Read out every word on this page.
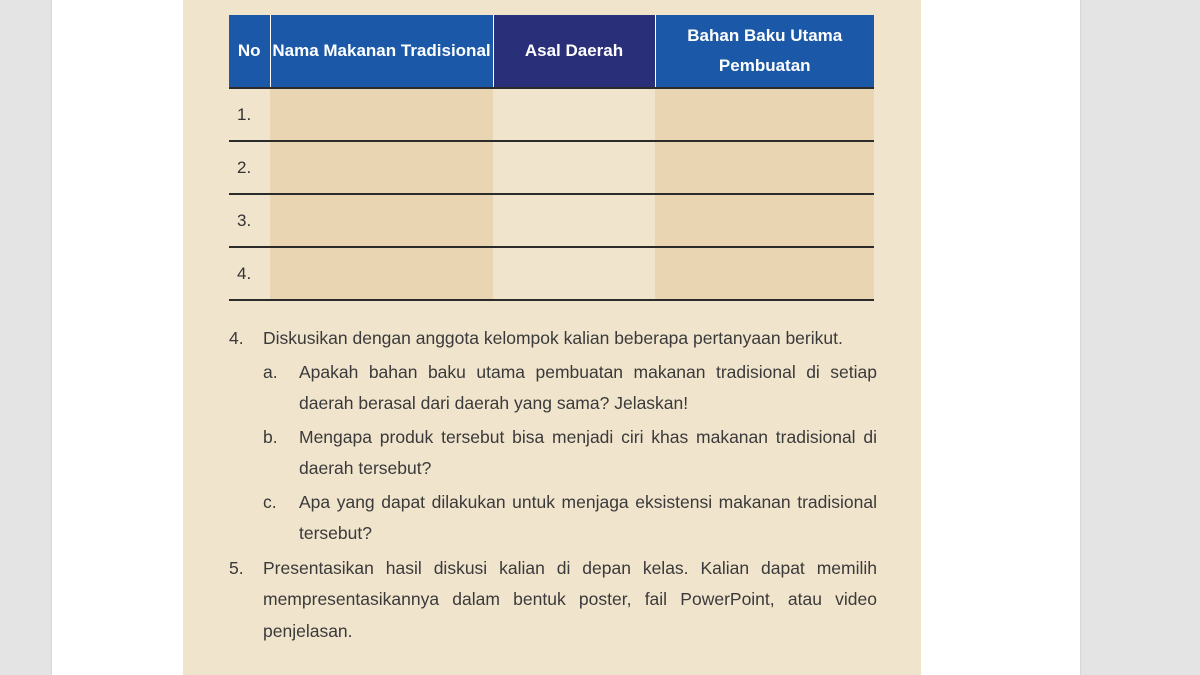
No	Nama Makanan Tradisional	Asal Daerah	Bahan Baku Utama Pembuatan
1.			
2.			
3.			
4.			
4. Diskusikan dengan anggota kelompok kalian beberapa pertanyaan berikut.
a. Apakah bahan baku utama pembuatan makanan tradisional di setiap daerah berasal dari daerah yang sama? Jelaskan!
b. Mengapa produk tersebut bisa menjadi ciri khas makanan tradisional di daerah tersebut?
c. Apa yang dapat dilakukan untuk menjaga eksistensi makanan tradisional tersebut?
5. Presentasikan hasil diskusi kalian di depan kelas. Kalian dapat memilih mempresentasikannya dalam bentuk poster, fail PowerPoint, atau video penjelasan.
